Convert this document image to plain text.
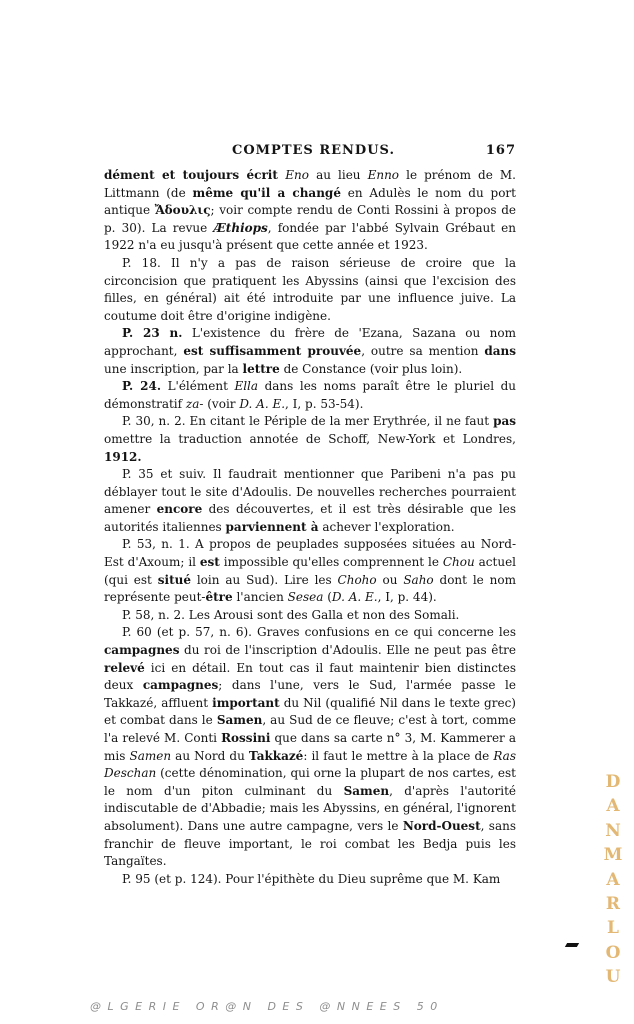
COMPTES RENDUS.	167

dément et toujours écrit Eno au lieu Enno le prénom de M. Littmann (de même qu'il a changé en Adulès le nom du port antique Ἄδουλις; voir compte rendu de Conti Rossini à propos de p. 30). La revue Æthiops, fondée par l'abbé Sylvain Grébaut en 1922 n'a eu jusqu'à présent que cette année et 1923.

P. 18. Il n'y a pas de raison sérieuse de croire que la circoncision que pratiquent les Abyssins (ainsi que l'excision des filles, en général) ait été introduite par une influence juive. La coutume doit être d'origine indigène.

P. 23 n. L'existence du frère de 'Ezana, Sazana ou nom approchant, est suffisamment prouvée, outre sa mention dans une inscription, par la lettre de Constance (voir plus loin).

P. 24. L'élément Ella dans les noms paraît être le pluriel du démonstratif za- (voir D. A. E., I, p. 53-54).

P. 30, n. 2. En citant le Périple de la mer Erythrée, il ne faut pas omettre la traduction annotée de Schoff, New-York et Londres, 1912.

P. 35 et suiv. Il faudrait mentionner que Paribeni n'a pas pu déblayer tout le site d'Adoulis. De nouvelles recherches pourraient amener encore des découvertes, et il est très désirable que les autorités italiennes parviennent à achever l'exploration.

P. 53, n. 1. A propos de peuplades supposées situées au Nord-Est d'Axoum; il est impossible qu'elles comprennent le Chou actuel (qui est situé loin au Sud). Lire les Choho ou Saho dont le nom représente peut-être l'ancien Sesea (D. A. E., I, p. 44).

P. 58, n. 2. Les Arousi sont des Galla et non des Somali.

P. 60 (et p. 57, n. 6). Graves confusions en ce qui concerne les campagnes du roi de l'inscription d'Adoulis. Elle ne peut pas être relevé ici en détail. En tout cas il faut maintenir bien distinctes deux campagnes; dans l'une, vers le Sud, l'armée passe le Takkazé, affluent important du Nil (qualifié Nil dans le texte grec) et combat dans le Samen, au Sud de ce fleuve; c'est à tort, comme l'a relevé M. Conti Rossini que dans sa carte n° 3, M. Kammerer a mis Samen au Nord du Takkazé: il faut le mettre à la place de Ras Deschan (cette dénomination, qui orne la plupart de nos cartes, est le nom d'un piton culminant du Samen, d'après l'autorité indiscutable de d'Abbadie; mais les Abyssins, en général, l'ignorent absolument). Dans une autre campagne, vers le Nord-Ouest, sans franchir de fleuve important, le roi combat les Bedja puis les Tangaïtes.

P. 95 (et p. 124). Pour l'épithète du Dieu suprême que M. Kam

D
A
N
M
A
R
L
O
U
@LGERIE OR@N DES @NNEES 50
